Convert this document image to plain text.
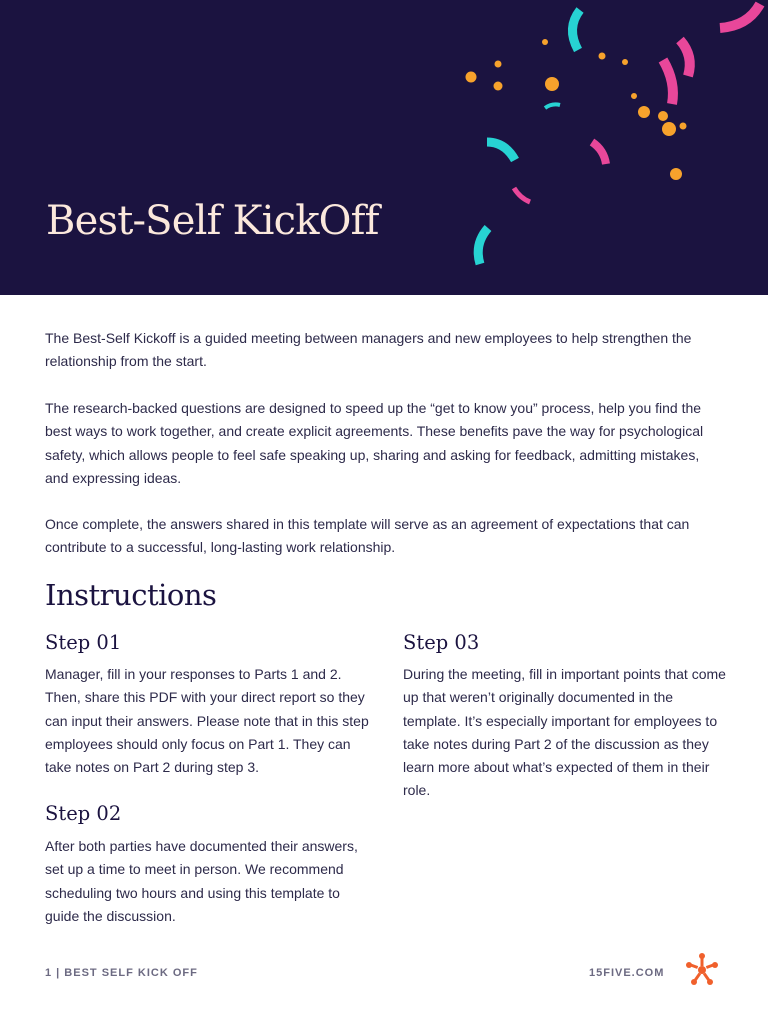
Best-Self KickOff

The Best-Self Kickoff is a guided meeting between managers and new employees to help strengthen the relationship from the start.

The research-backed questions are designed to speed up the “get to know you” process, help you find the best ways to work together, and create explicit agreements. These benefits pave the way for psychological safety, which allows people to feel safe speaking up, sharing and asking for feedback, admitting mistakes, and expressing ideas.

Once complete, the answers shared in this template will serve as an agreement of expectations that can contribute to a successful, long-lasting work relationship.

Instructions
Step 01

Manager, fill in your responses to Parts 1 and 2. Then, share this PDF with your direct report so they can input their answers. Please note that in this step employees should only focus on Part 1. They can take notes on Part 2 during step 3.

Step 02

After both parties have documented their answers, set up a time to meet in person. We recommend scheduling two hours and using this template to guide the discussion.

Step 03

During the meeting, fill in important points that come up that weren’t originally documented in the template. It’s especially important for employees to take notes during Part 2 of the discussion as they learn more about what’s expected of them in their role.

1 | BEST SELF KICK OFF	15FIVE.COM
